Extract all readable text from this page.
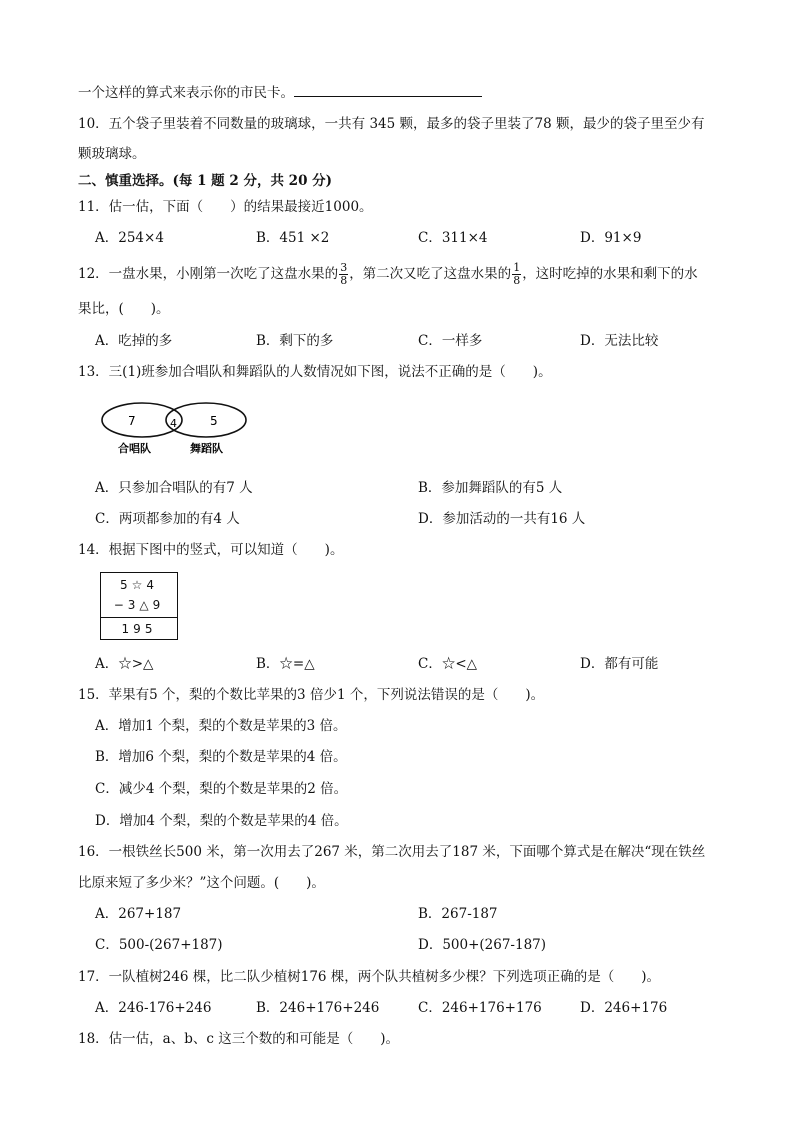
一个这样的算式来表示你的市民卡。
10．五个袋子里装着不同数量的玻璃球，一共有 345 颗，最多的袋子里装了78 颗，最少的袋子里至少有
颗玻璃球。
二、慎重选择。(每 1 题 2 分，共 20 分)
11．估一估，下面（　　）的结果最接近1000。
A．254×4	B．451 ×2	C．311×4	D．91×9
12．一盘水果，小刚第一次吃了这盘水果的 $\frac{3}{8}$ ，第二次又吃了这盘水果的 $\frac{1}{8}$ ，这时吃掉的水果和剩下的水
果比，(　　)。
A．吃掉的多	B．剩下的多	C．一样多	D．无法比较
13．三(1)班参加合唱队和舞蹈队的人数情况如下图，说法不正确的是（　　)。
7	4	5
合唱队	舞蹈队
A．只参加合唱队的有7 人	B．参加舞蹈队的有5 人
C．两项都参加的有4 人	D．参加活动的一共有16 人
14．根据下图中的竖式，可以知道（　　)。
5☆4
−3△9
195
A．☆>△	B．☆=△	C．☆<△	D．都有可能
15．苹果有5 个，梨的个数比苹果的3 倍少1 个，下列说法错误的是（　　)。
A．增加1 个梨，梨的个数是苹果的3 倍。
B．增加6 个梨，梨的个数是苹果的4 倍。
C．减少4 个梨，梨的个数是苹果的2 倍。
D．增加4 个梨，梨的个数是苹果的4 倍。
16．一根铁丝长500 米，第一次用去了267 米，第二次用去了187 米，下面哪个算式是在解决“现在铁丝
比原来短了多少米？”这个问题。(　　)。
A．267+187	B．267-187
C．500-(267+187)	D．500+(267-187)
17．一队植树246 棵，比二队少植树176 棵，两个队共植树多少棵？下列选项正确的是（　　)。
A．246-176+246	B．246+176+246	C．246+176+176	D．246+176
18．估一估，a、b、c 这三个数的和可能是（　　)。
